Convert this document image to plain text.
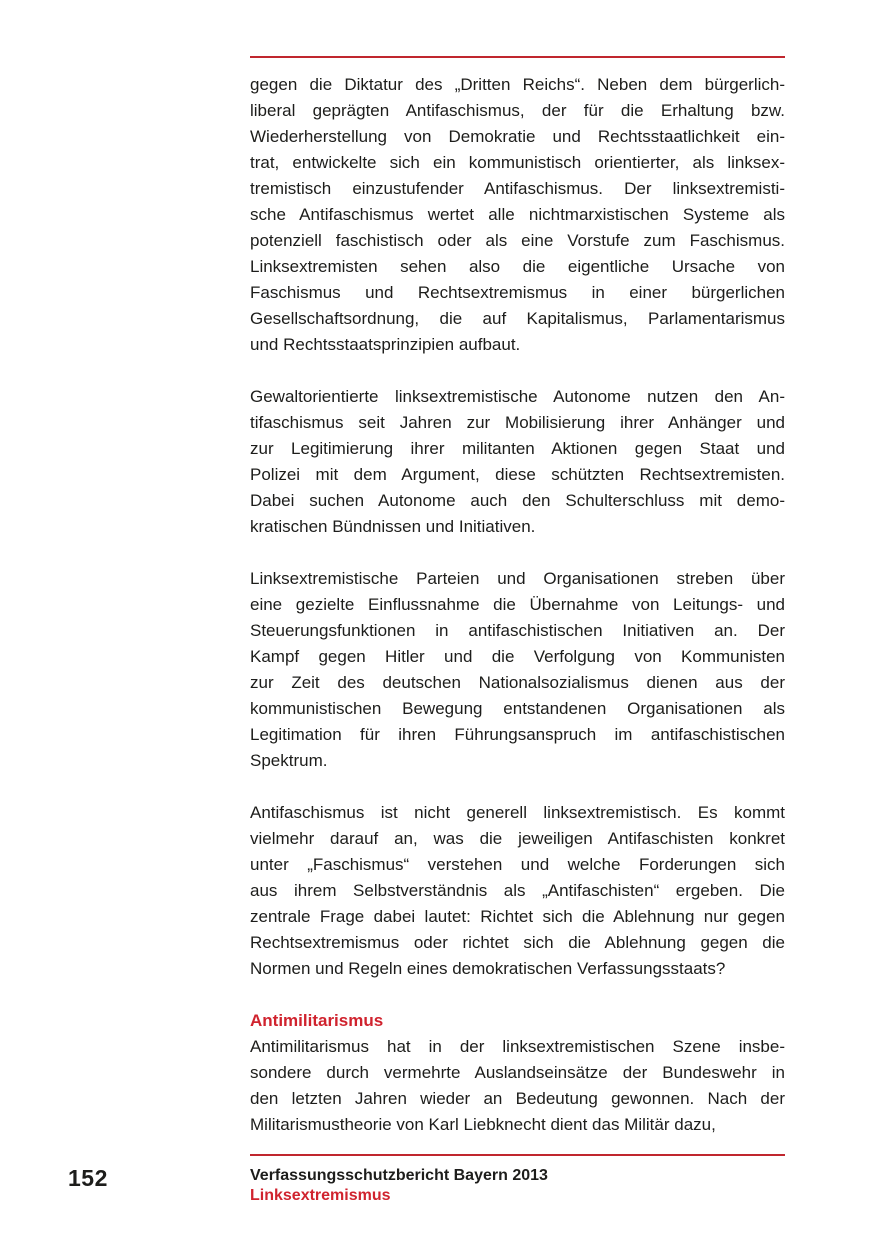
gegen die Diktatur des „Dritten Reichs“. Neben dem bürgerlich-
liberal geprägten Antifaschismus, der für die Erhaltung bzw.
Wiederherstellung von Demokratie und Rechtsstaatlichkeit ein-
trat, entwickelte sich ein kommunistisch orientierter, als linksex-
tremistisch einzustufender Antifaschismus. Der linksextremisti-
sche Antifaschismus wertet alle nichtmarxistischen Systeme als
potenziell faschistisch oder als eine Vorstufe zum Faschismus.
Linksextremisten sehen also die eigentliche Ursache von
Faschismus und Rechtsextremismus in einer bürgerlichen
Gesellschaftsordnung, die auf Kapitalismus, Parlamentarismus
und Rechtsstaatsprinzipien aufbaut.
Gewaltorientierte linksextremistische Autonome nutzen den An-
tifaschismus seit Jahren zur Mobilisierung ihrer Anhänger und
zur Legitimierung ihrer militanten Aktionen gegen Staat und
Polizei mit dem Argument, diese schützten Rechtsextremisten.
Dabei suchen Autonome auch den Schulterschluss mit demo-
kratischen Bündnissen und Initiativen.
Linksextremistische Parteien und Organisationen streben über
eine gezielte Einflussnahme die Übernahme von Leitungs- und
Steuerungsfunktionen in antifaschistischen Initiativen an. Der
Kampf gegen Hitler und die Verfolgung von Kommunisten
zur Zeit des deutschen Nationalsozialismus dienen aus der
kommunistischen Bewegung entstandenen Organisationen als
Legitimation für ihren Führungsanspruch im antifaschistischen
Spektrum.
Antifaschismus ist nicht generell linksextremistisch. Es kommt
vielmehr darauf an, was die jeweiligen Antifaschisten konkret
unter „Faschismus“ verstehen und welche Forderungen sich
aus ihrem Selbstverständnis als „Antifaschisten“ ergeben. Die
zentrale Frage dabei lautet: Richtet sich die Ablehnung nur gegen
Rechtsextremismus oder richtet sich die Ablehnung gegen die
Normen und Regeln eines demokratischen Verfassungsstaats?
Antimilitarismus
Antimilitarismus hat in der linksextremistischen Szene insbe-
sondere durch vermehrte Auslandseinsätze der Bundeswehr in
den letzten Jahren wieder an Bedeutung gewonnen. Nach der
Militarismustheorie von Karl Liebknecht dient das Militär dazu,
152	Verfassungsschutzbericht Bayern 2013
Linksextremismus
